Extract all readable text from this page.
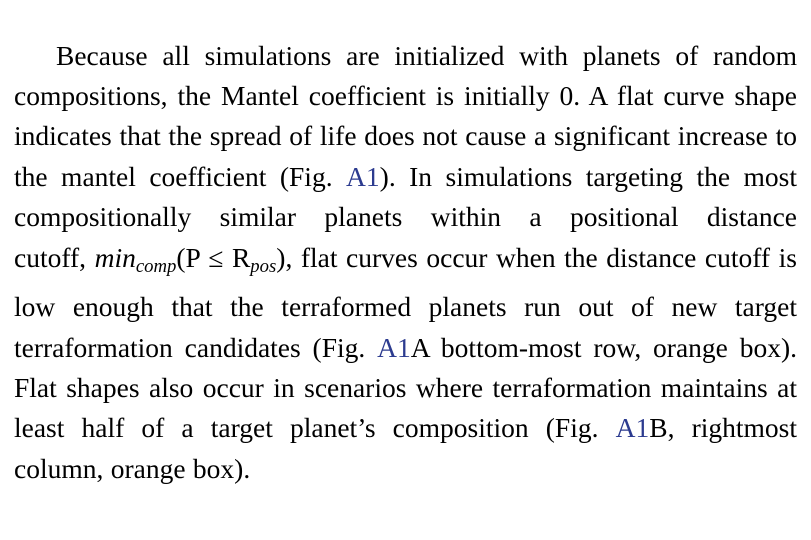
Because all simulations are initialized with planets of random compositions, the Mantel coefficient is initially 0. A flat curve shape indicates that the spread of life does not cause a significant increase to the mantel coefficient (Fig. A1). In simulations targeting the most compositionally similar planets within a positional distance cutoff, $\min_{comp}(P \le R_{pos})$, flat curves occur when the distance cutoff is low enough that the terraformed planets run out of new target terraformation candidates (Fig. A1A bottom-most row, orange box). Flat shapes also occur in scenarios where terraformation maintains at least half of a target planet’s composition (Fig. A1B, rightmost column, orange box).
